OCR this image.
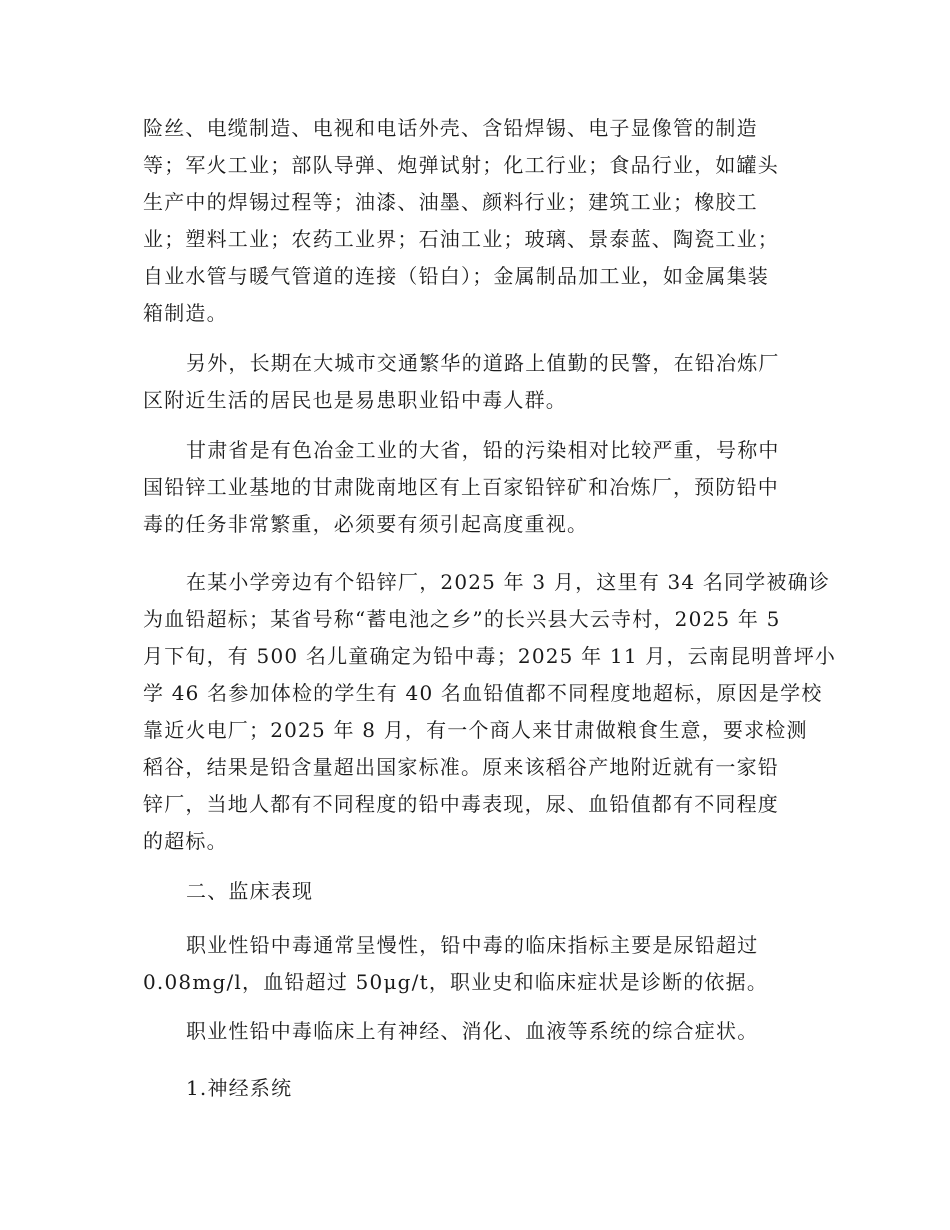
险丝、电缆制造、电视和电话外壳、含铅焊锡、电子显像管的制造
等；军火工业；部队导弹、炮弹试射；化工行业；食品行业，如罐头
生产中的焊锡过程等；油漆、油墨、颜料行业；建筑工业；橡胶工
业；塑料工业；农药工业界；石油工业；玻璃、景泰蓝、陶瓷工业；
自业水管与暖气管道的连接（铅白）；金属制品加工业，如金属集装
箱制造。
另外，长期在大城市交通繁华的道路上值勤的民警，在铅冶炼厂
区附近生活的居民也是易患职业铅中毒人群。
甘肃省是有色冶金工业的大省，铅的污染相对比较严重，号称中
国铅锌工业基地的甘肃陇南地区有上百家铅锌矿和冶炼厂，预防铅中
毒的任务非常繁重，必须要有须引起高度重视。
在某小学旁边有个铅锌厂，2025 年 3 月，这里有 34 名同学被确诊
为血铅超标；某省号称“蓄电池之乡”的长兴县大云寺村，2025 年 5
月下旬，有 500 名儿童确定为铅中毒；2025 年 11 月，云南昆明普坪小
学 46 名参加体检的学生有 40 名血铅值都不同程度地超标，原因是学校
靠近火电厂；2025 年 8 月，有一个商人来甘肃做粮食生意，要求检测
稻谷，结果是铅含量超出国家标准。原来该稻谷产地附近就有一家铅
锌厂，当地人都有不同程度的铅中毒表现，尿、血铅值都有不同程度
的超标。
二、监床表现
职业性铅中毒通常呈慢性，铅中毒的临床指标主要是尿铅超过
0.08mg/l，血铅超过 50μg/t，职业史和临床症状是诊断的依据。
职业性铅中毒临床上有神经、消化、血液等系统的综合症状。
1.神经系统
